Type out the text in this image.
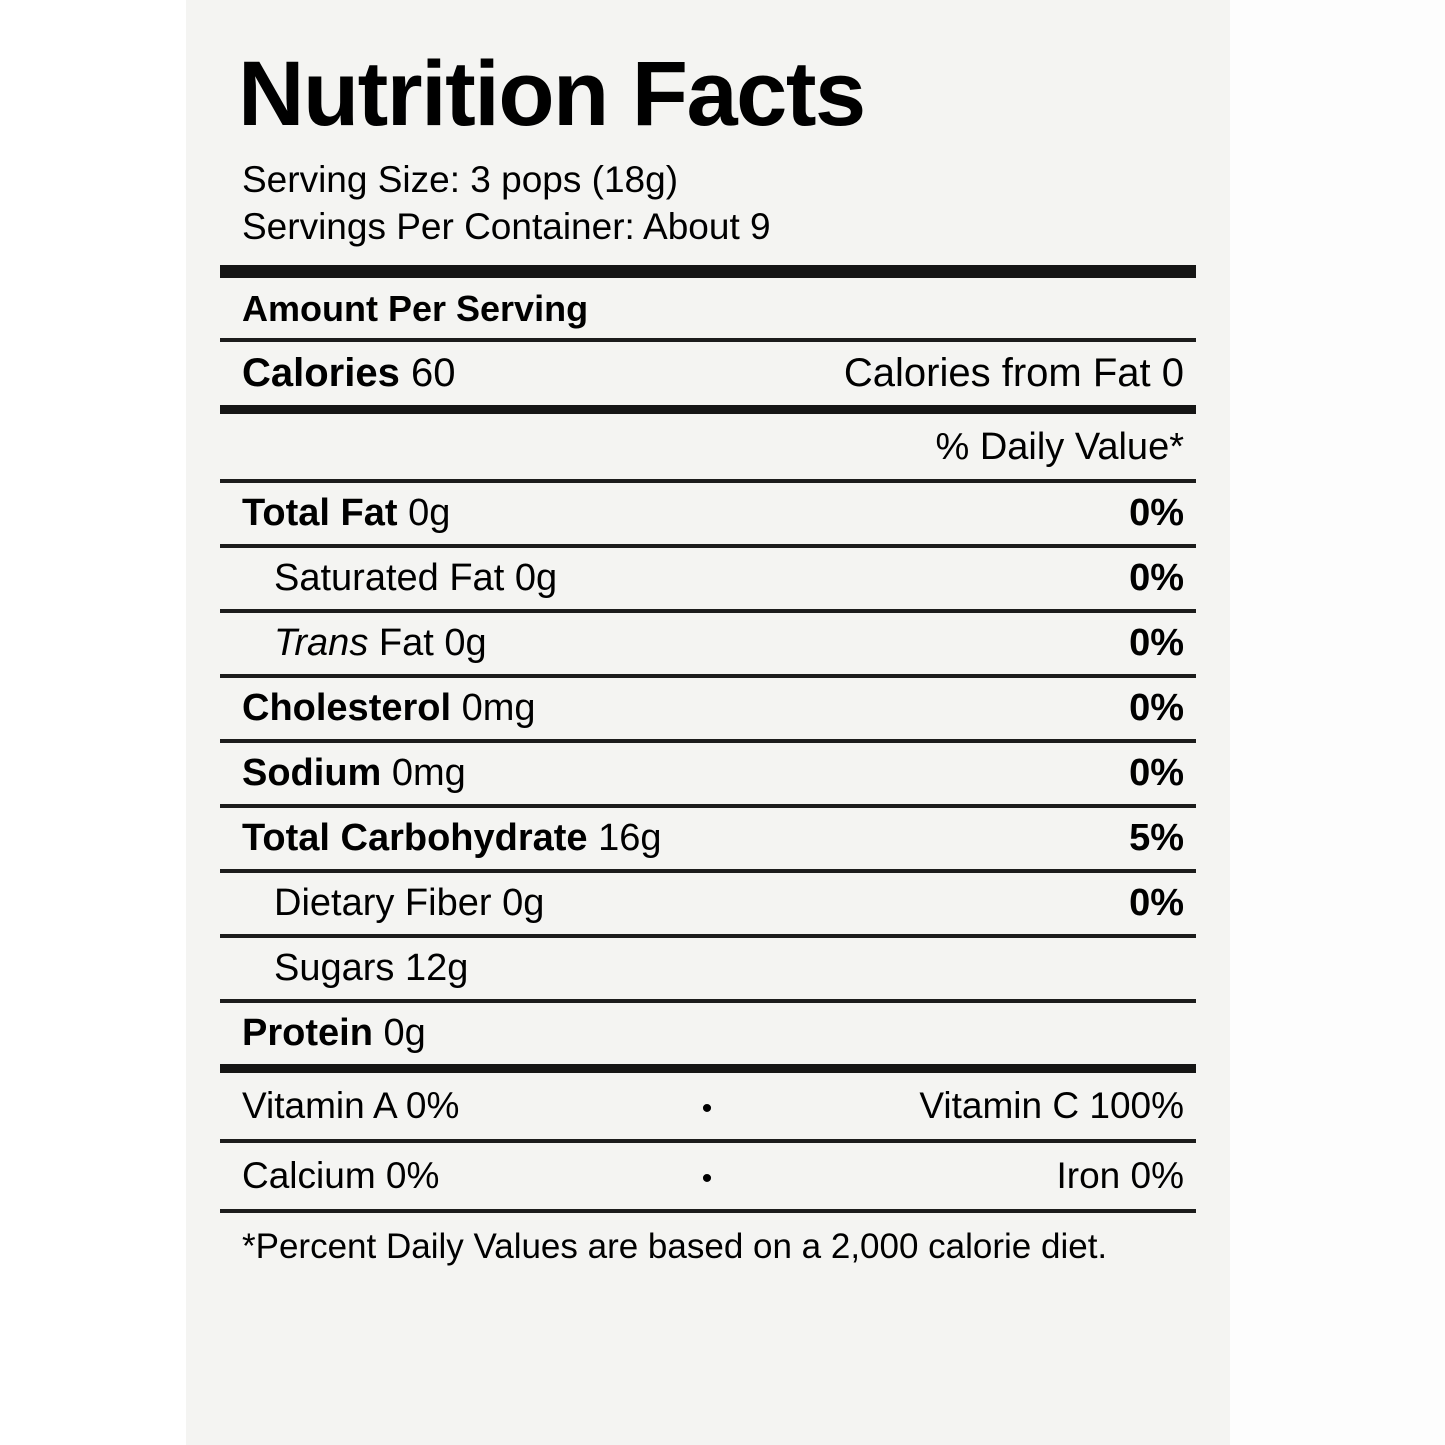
Nutrition Facts
Serving Size: 3 pops (18g)
Servings Per Container: About 9
Amount Per Serving
Calories 60	Calories from Fat 0
% Daily Value*
Total Fat 0g	0%
Saturated Fat 0g	0%
Trans Fat 0g	0%
Cholesterol 0mg	0%
Sodium 0mg	0%
Total Carbohydrate 16g	5%
Dietary Fiber 0g	0%
Sugars 12g
Protein 0g
Vitamin A 0%	•	Vitamin C 100%
Calcium 0%	•	Iron 0%
*Percent Daily Values are based on a 2,000 calorie diet.
